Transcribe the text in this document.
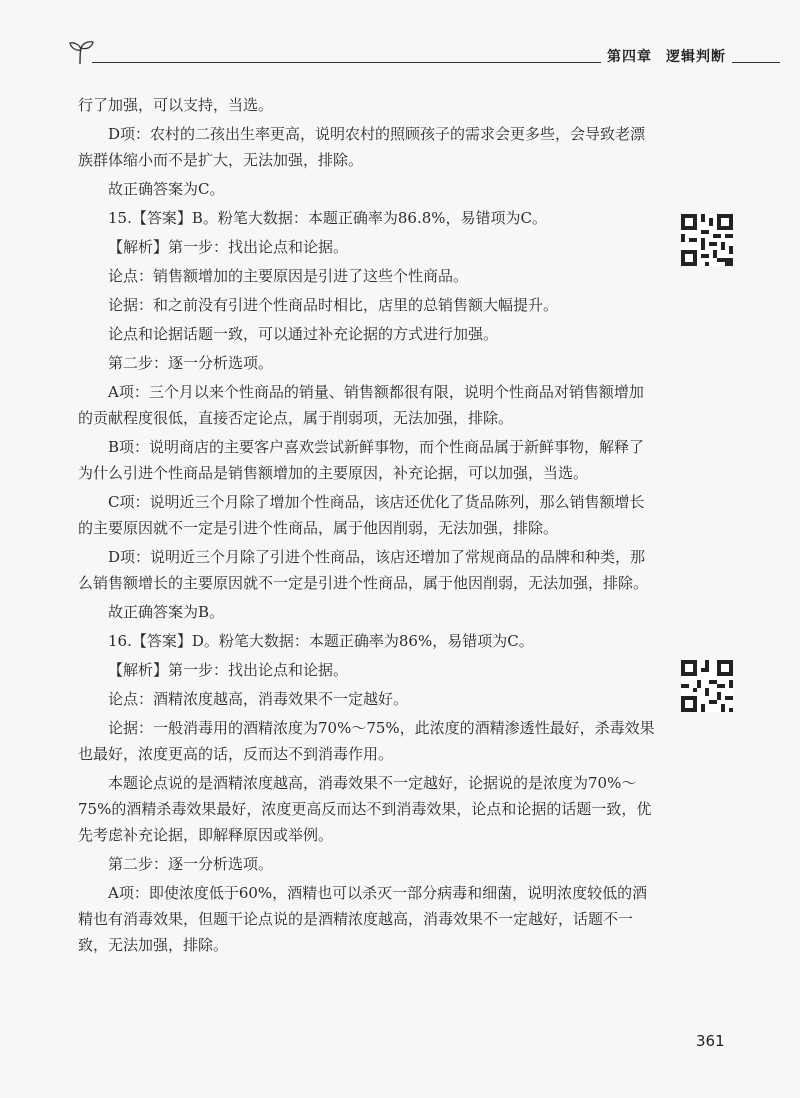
第四章 逻辑判断

行了加强，可以支持，当选。

D项：农村的二孩出生率更高，说明农村的照顾孩子的需求会更多些，会导致老漂族群体缩小而不是扩大，无法加强，排除。

故正确答案为C。

15.【答案】B。粉笔大数据：本题正确率为86.8%，易错项为C。

【解析】第一步：找出论点和论据。

论点：销售额增加的主要原因是引进了这些个性商品。

论据：和之前没有引进个性商品时相比，店里的总销售额大幅提升。

论点和论据话题一致，可以通过补充论据的方式进行加强。

第二步：逐一分析选项。

A项：三个月以来个性商品的销量、销售额都很有限，说明个性商品对销售额增加的贡献程度很低，直接否定论点，属于削弱项，无法加强，排除。

B项：说明商店的主要客户喜欢尝试新鲜事物，而个性商品属于新鲜事物，解释了为什么引进个性商品是销售额增加的主要原因，补充论据，可以加强，当选。

C项：说明近三个月除了增加个性商品，该店还优化了货品陈列，那么销售额增长的主要原因就不一定是引进个性商品，属于他因削弱，无法加强，排除。

D项：说明近三个月除了引进个性商品，该店还增加了常规商品的品牌和种类，那么销售额增长的主要原因就不一定是引进个性商品，属于他因削弱，无法加强，排除。

故正确答案为B。

16.【答案】D。粉笔大数据：本题正确率为86%，易错项为C。

【解析】第一步：找出论点和论据。

论点：酒精浓度越高，消毒效果不一定越好。

论据：一般消毒用的酒精浓度为70%～75%，此浓度的酒精渗透性最好，杀毒效果也最好，浓度更高的话，反而达不到消毒作用。

本题论点说的是酒精浓度越高，消毒效果不一定越好，论据说的是浓度为70%～75%的酒精杀毒效果最好，浓度更高反而达不到消毒效果，论点和论据的话题一致，优先考虑补充论据，即解释原因或举例。

第二步：逐一分析选项。

A项：即使浓度低于60%，酒精也可以杀灭一部分病毒和细菌，说明浓度较低的酒精也有消毒效果，但题干论点说的是酒精浓度越高，消毒效果不一定越好，话题不一致，无法加强，排除。

361
